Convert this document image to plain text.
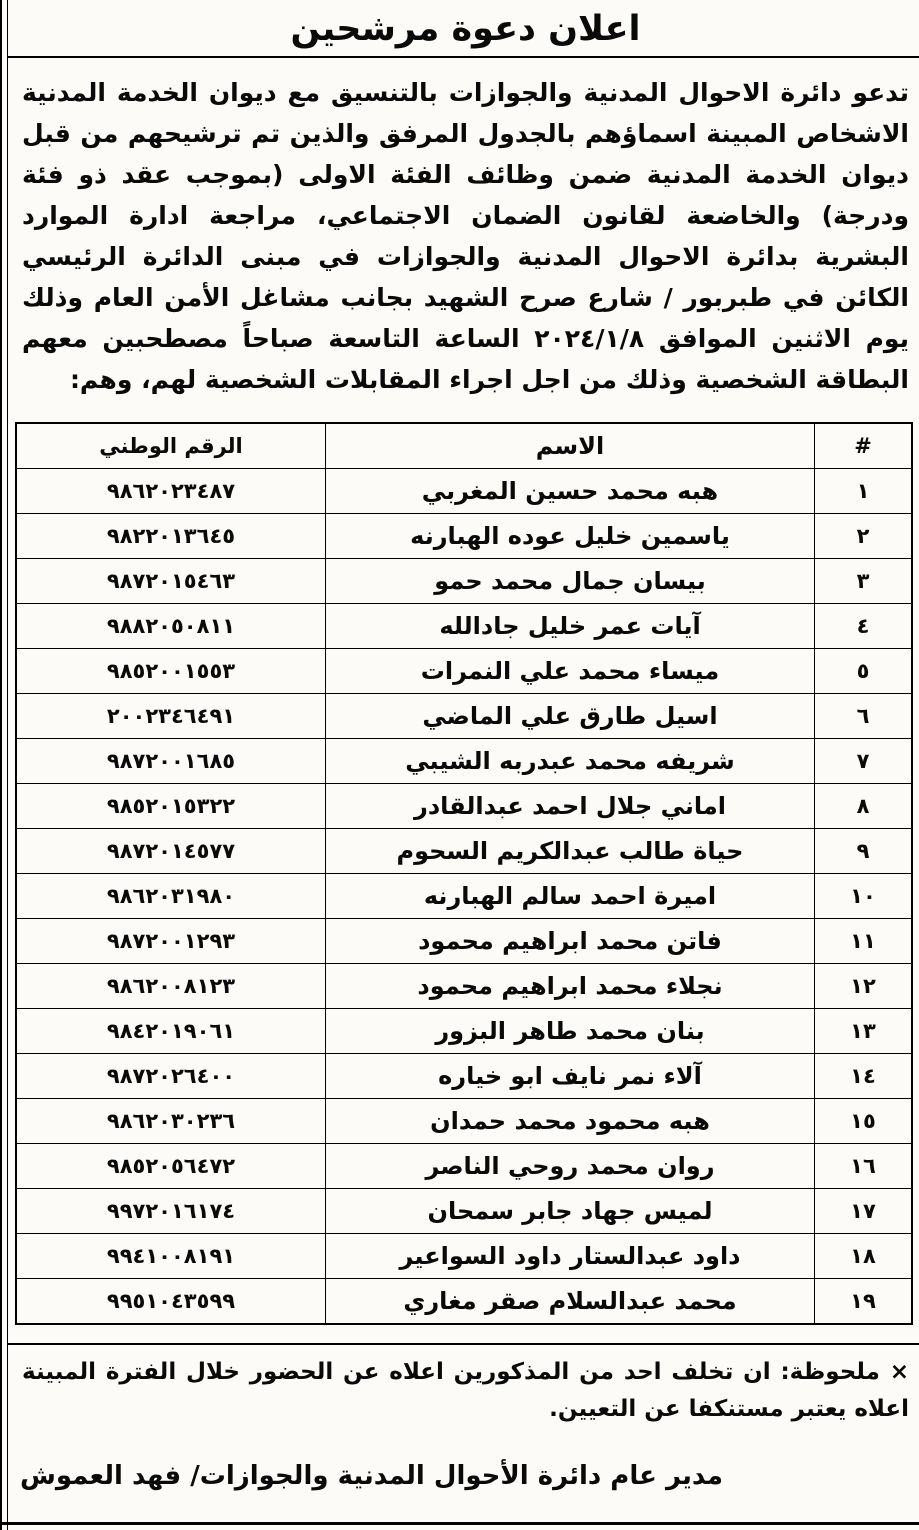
اعلان دعوة مرشحين

تدعو دائرة الاحوال المدنية والجوازات بالتنسيق مع ديوان الخدمة المدنية الاشخاص المبينة اسماؤهم بالجدول المرفق والذين تم ترشيحهم من قبل ديوان الخدمة المدنية ضمن وظائف الفئة الاولى (بموجب عقد ذو فئة ودرجة) والخاضعة لقانون الضمان الاجتماعي، مراجعة ادارة الموارد البشرية بدائرة الاحوال المدنية والجوازات في مبنى الدائرة الرئيسي الكائن في طبربور / شارع صرح الشهيد بجانب مشاغل الأمن العام وذلك يوم الاثنين الموافق ٢٠٢٤/١/٨ الساعة التاسعة صباحاً مصطحبين معهم البطاقة الشخصية وذلك من اجل اجراء المقابلات الشخصية لهم، وهم:

#	الاسم	الرقم الوطني
١	هبه محمد حسين المغربي	٩٨٦٢٠٢٣٤٨٧
٢	ياسمين خليل عوده الهبارنه	٩٨٢٢٠١٣٦٤٥
٣	بيسان جمال محمد حمو	٩٨٧٢٠١٥٤٦٣
٤	آيات عمر خليل جادالله	٩٨٨٢٠٥٠٨١١
٥	ميساء محمد علي النمرات	٩٨٥٢٠٠١٥٥٣
٦	اسيل طارق علي الماضي	٢٠٠٢٣٤٦٤٩١
٧	شريفه محمد عبدربه الشيبي	٩٨٧٢٠٠١٦٨٥
٨	اماني جلال احمد عبدالقادر	٩٨٥٢٠١٥٣٢٢
٩	حياة طالب عبدالكريم السحوم	٩٨٧٢٠١٤٥٧٧
١٠	اميرة احمد سالم الهبارنه	٩٨٦٢٠٣١٩٨٠
١١	فاتن محمد ابراهيم محمود	٩٨٧٢٠٠١٢٩٣
١٢	نجلاء محمد ابراهيم محمود	٩٨٦٢٠٠٨١٢٣
١٣	بنان محمد طاهر البزور	٩٨٤٢٠١٩٠٦١
١٤	آلاء نمر نايف ابو خياره	٩٨٧٢٠٢٦٤٠٠
١٥	هبه محمود محمد حمدان	٩٨٦٢٠٣٠٢٣٦
١٦	روان محمد روحي الناصر	٩٨٥٢٠٥٦٤٧٢
١٧	لميس جهاد جابر سمحان	٩٩٧٢٠١٦١٧٤
١٨	داود عبدالستار داود السواعير	٩٩٤١٠٠٨١٩١
١٩	محمد عبدالسلام صقر مغاري	٩٩٥١٠٤٣٥٩٩

× ملحوظة: ان تخلف احد من المذكورين اعلاه عن الحضور خلال الفترة المبينة اعلاه يعتبر مستنكفا عن التعيين.

مدير عام دائرة الأحوال المدنية والجوازات/ فهد العموش
